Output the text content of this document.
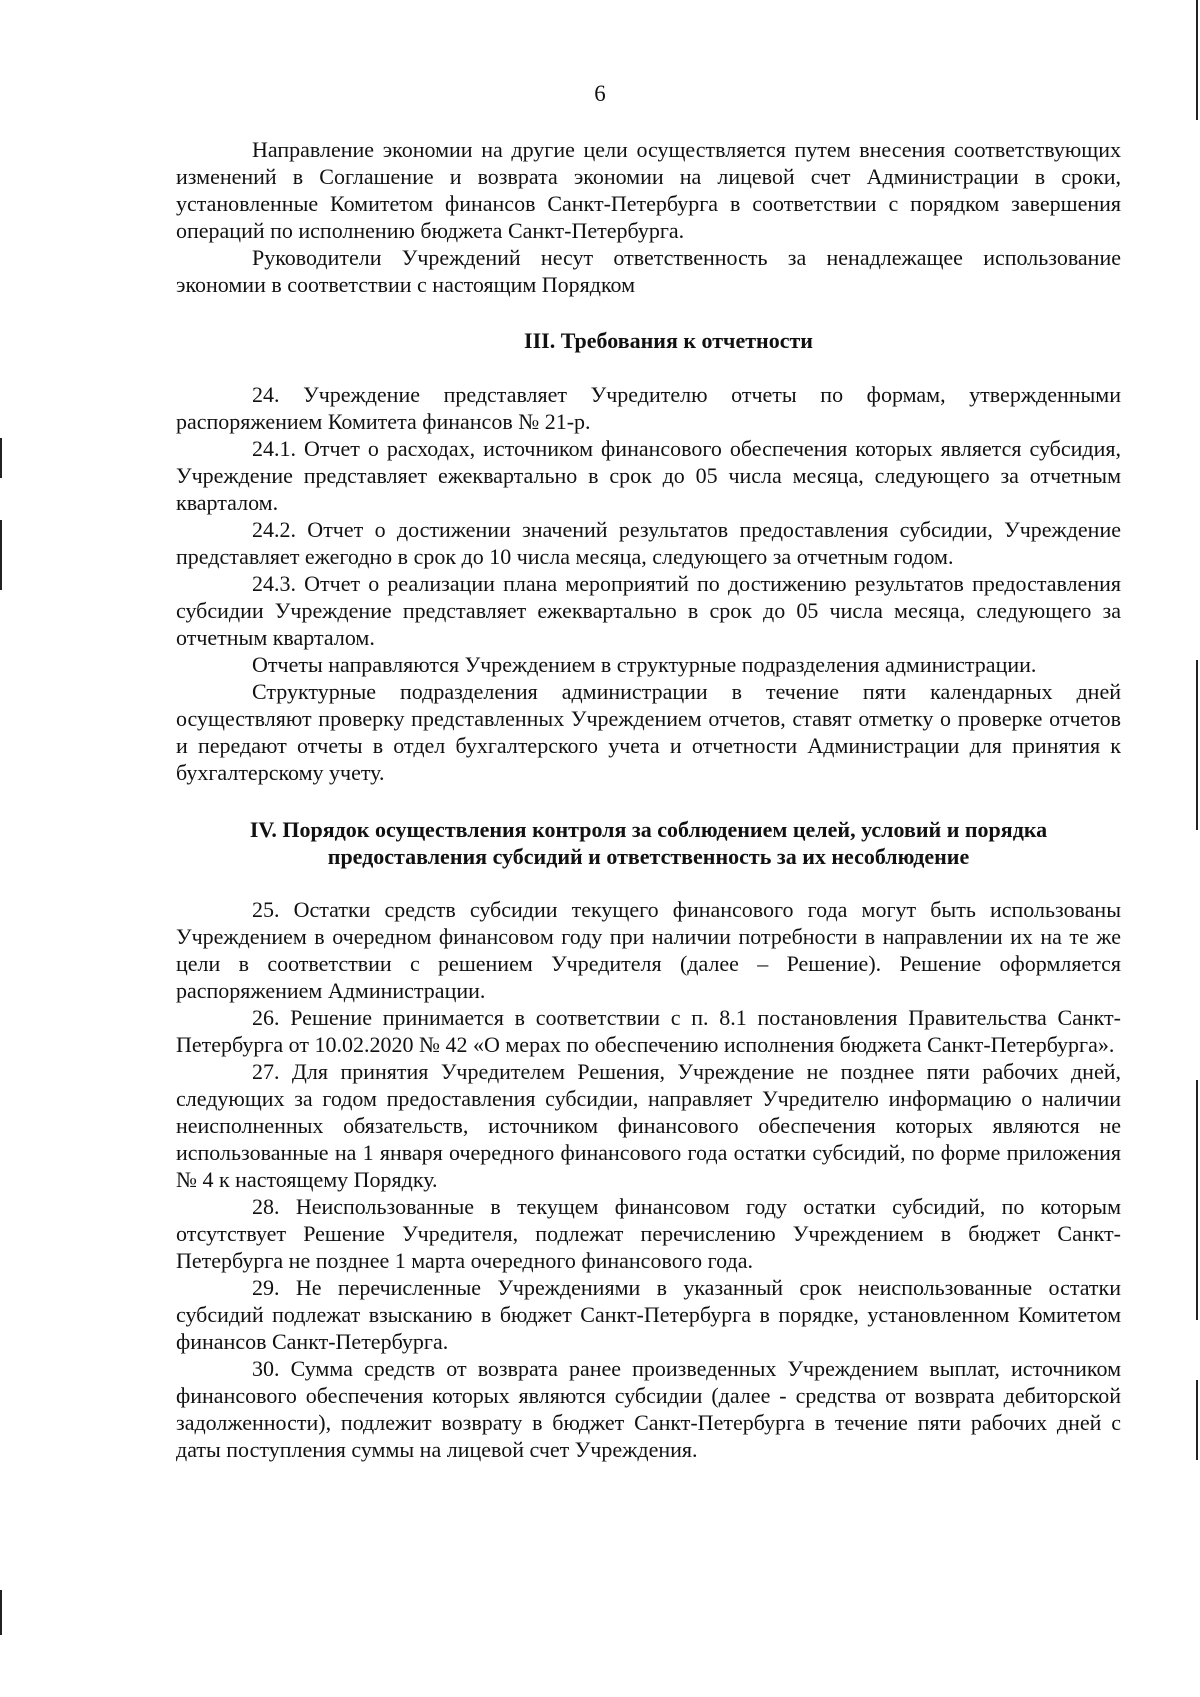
6

Направление экономии на другие цели осуществляется путем внесения соответствующих изменений в Соглашение и возврата экономии на лицевой счет Администрации в сроки, установленные Комитетом финансов Санкт-Петербурга в соответствии с порядком завершения операций по исполнению бюджета Санкт-Петербурга.

Руководители Учреждений несут ответственность за ненадлежащее использование экономии в соответствии с настоящим Порядком

III. Требования к отчетности

24. Учреждение представляет Учредителю отчеты по формам, утвержденными распоряжением Комитета финансов № 21-р.

24.1. Отчет о расходах, источником финансового обеспечения которых является субсидия, Учреждение представляет ежеквартально в срок до 05 числа месяца, следующего за отчетным кварталом.

24.2. Отчет о достижении значений результатов предоставления субсидии, Учреждение представляет ежегодно в срок до 10 числа месяца, следующего за отчетным годом.

24.3. Отчет о реализации плана мероприятий по достижению результатов предоставления субсидии Учреждение представляет ежеквартально в срок до 05 числа месяца, следующего за отчетным кварталом.

Отчеты направляются Учреждением в структурные подразделения администрации.

Структурные подразделения администрации в течение пяти календарных дней осуществляют проверку представленных Учреждением отчетов, ставят отметку о проверке отчетов и передают отчеты в отдел бухгалтерского учета и отчетности Администрации для принятия к бухгалтерскому учету.

IV. Порядок осуществления контроля за соблюдением целей, условий и порядка
предоставления субсидий и ответственность за их несоблюдение

25. Остатки средств субсидии текущего финансового года могут быть использованы Учреждением в очередном финансовом году при наличии потребности в направлении их на те же цели в соответствии с решением Учредителя (далее – Решение). Решение оформляется распоряжением Администрации.

26. Решение принимается в соответствии с п. 8.1 постановления Правительства Санкт-Петербурга от 10.02.2020 № 42 «О мерах по обеспечению исполнения бюджета Санкт-Петербурга».

27. Для принятия Учредителем Решения, Учреждение не позднее пяти рабочих дней, следующих за годом предоставления субсидии, направляет Учредителю информацию о наличии неисполненных обязательств, источником финансового обеспечения которых являются не использованные на 1 января очередного финансового года остатки субсидий, по форме приложения № 4 к настоящему Порядку.

28. Неиспользованные в текущем финансовом году остатки субсидий, по которым отсутствует Решение Учредителя, подлежат перечислению Учреждением в бюджет Санкт-Петербурга не позднее 1 марта очередного финансового года.

29. Не перечисленные Учреждениями в указанный срок неиспользованные остатки субсидий подлежат взысканию в бюджет Санкт-Петербурга в порядке, установленном Комитетом финансов Санкт-Петербурга.

30. Сумма средств от возврата ранее произведенных Учреждением выплат, источником финансового обеспечения которых являются субсидии (далее - средства от возврата дебиторской задолженности), подлежит возврату в бюджет Санкт-Петербурга в течение пяти рабочих дней с даты поступления суммы на лицевой счет Учреждения.
